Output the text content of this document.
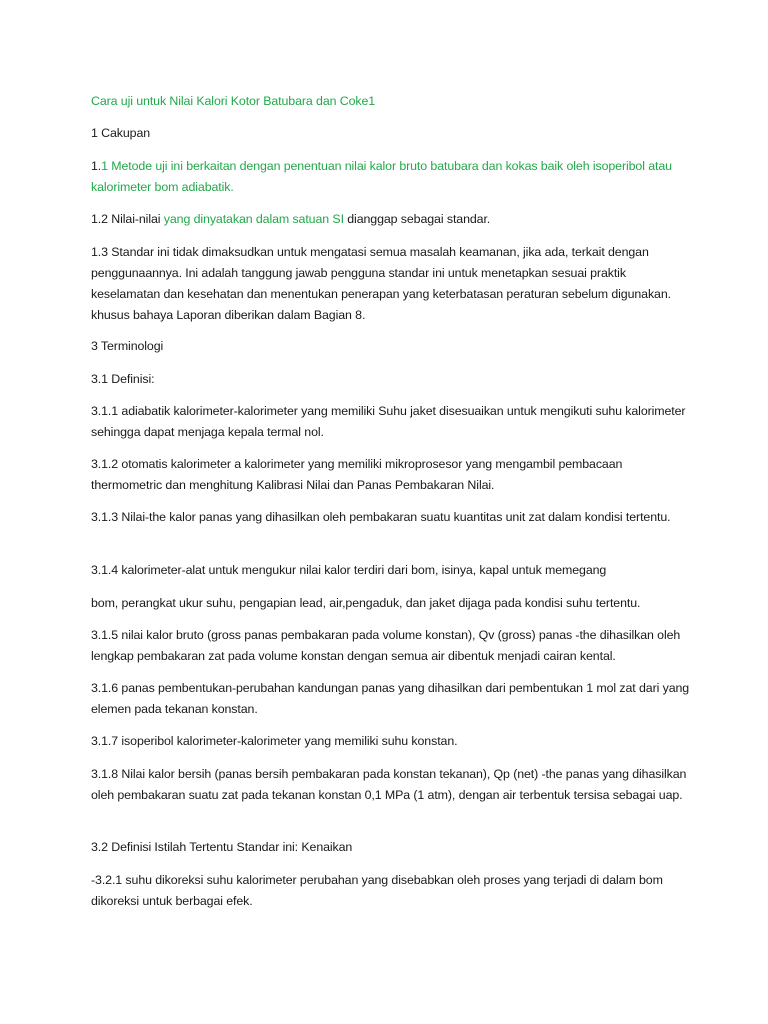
Cara uji untuk Nilai Kalori Kotor Batubara dan Coke1

1 Cakupan

1.1 Metode uji ini berkaitan dengan penentuan nilai kalor bruto batubara dan kokas baik oleh isoperibol atau kalorimeter bom adiabatik.

1.2 Nilai-nilai yang dinyatakan dalam satuan SI dianggap sebagai standar.

1.3 Standar ini tidak dimaksudkan untuk mengatasi semua masalah keamanan, jika ada, terkait dengan penggunaannya. Ini adalah tanggung jawab pengguna standar ini untuk menetapkan sesuai praktik keselamatan dan kesehatan dan menentukan penerapan yang keterbatasan peraturan sebelum digunakan. khusus bahaya Laporan diberikan dalam Bagian 8.

3 Terminologi

3.1 Definisi:

3.1.1 adiabatik kalorimeter-kalorimeter yang memiliki Suhu jaket disesuaikan untuk mengikuti suhu kalorimeter sehingga dapat menjaga kepala termal nol.

3.1.2 otomatis kalorimeter a kalorimeter yang memiliki mikroprosesor yang mengambil pembacaan thermometric dan menghitung Kalibrasi Nilai dan Panas Pembakaran Nilai.

3.1.3 Nilai-the kalor panas yang dihasilkan oleh pembakaran suatu kuantitas unit zat dalam kondisi tertentu.

3.1.4 kalorimeter-alat untuk mengukur nilai kalor terdiri dari bom, isinya, kapal untuk memegang

bom, perangkat ukur suhu, pengapian lead, air,pengaduk, dan jaket dijaga pada kondisi suhu tertentu.

3.1.5 nilai kalor bruto (gross panas pembakaran pada volume konstan), Qv (gross) panas -the dihasilkan oleh lengkap pembakaran zat pada volume konstan dengan semua air dibentuk menjadi cairan kental.

3.1.6 panas pembentukan-perubahan kandungan panas yang dihasilkan dari pembentukan 1 mol zat dari yang elemen pada tekanan konstan.

3.1.7 isoperibol kalorimeter-kalorimeter yang memiliki suhu konstan.

3.1.8 Nilai kalor bersih (panas bersih pembakaran pada konstan tekanan), Qp (net) -the panas yang dihasilkan oleh pembakaran suatu zat pada tekanan konstan 0,1 MPa (1 atm), dengan air terbentuk tersisa sebagai uap.

3.2 Definisi Istilah Tertentu Standar ini: Kenaikan

-3.2.1 suhu dikoreksi suhu kalorimeter perubahan yang disebabkan oleh proses yang terjadi di dalam bom dikoreksi untuk berbagai efek.
